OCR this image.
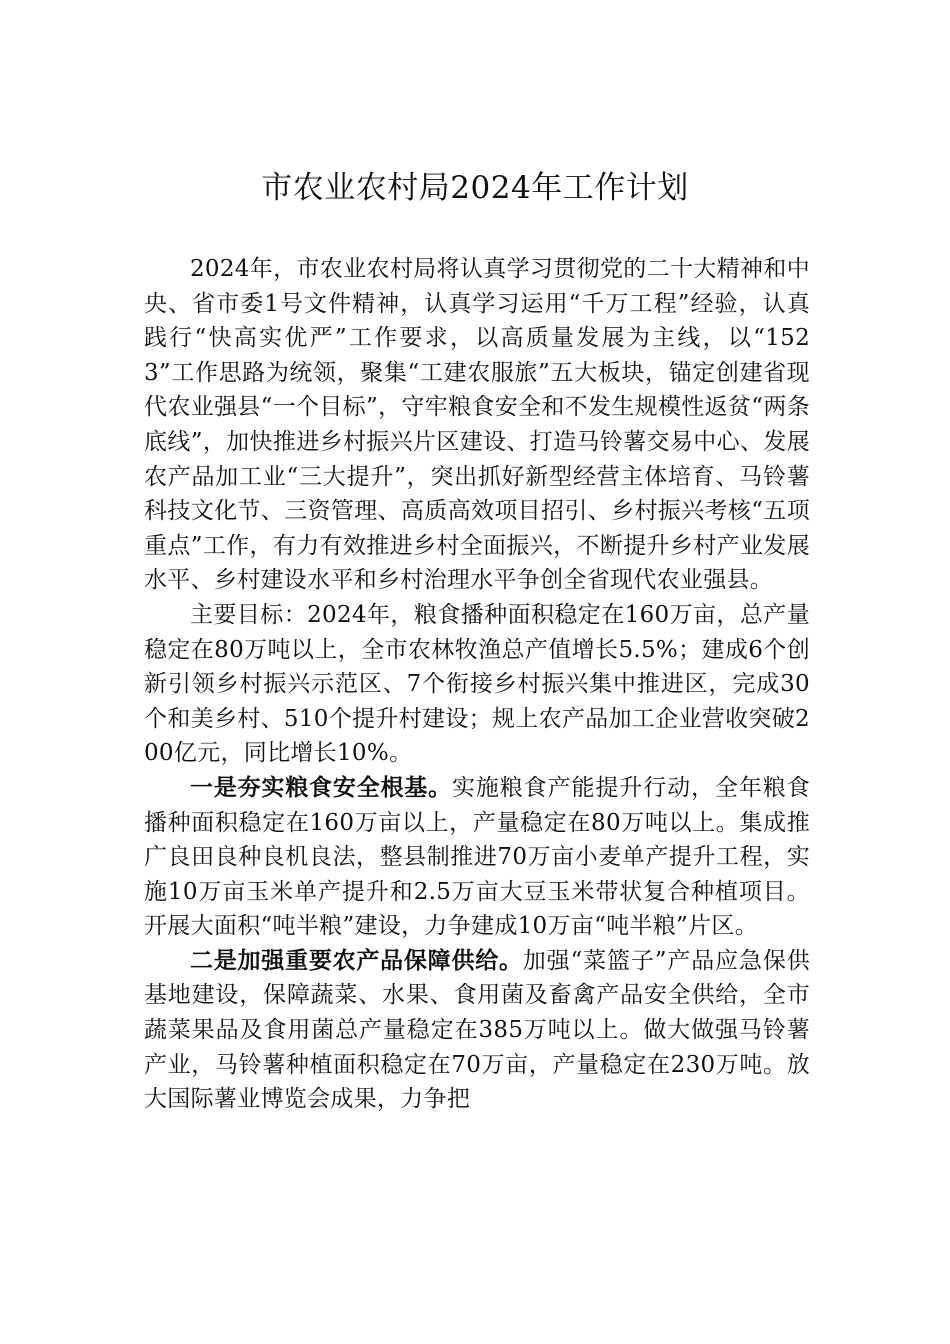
市农业农村局2024年工作计划

2024年，市农业农村局将认真学习贯彻党的二十大精神和中央、省市委1号文件精神，认真学习运用“千万工程”经验，认真践行“快高实优严”工作要求，以高质量发展为主线，以“1523”工作思路为统领，聚集“工建农服旅”五大板块，锚定创建省现代农业强县“一个目标”，守牢粮食安全和不发生规模性返贫“两条底线”，加快推进乡村振兴片区建设、打造马铃薯交易中心、发展农产品加工业“三大提升”，突出抓好新型经营主体培育、马铃薯科技文化节、三资管理、高质高效项目招引、乡村振兴考核“五项重点”工作，有力有效推进乡村全面振兴，不断提升乡村产业发展水平、乡村建设水平和乡村治理水平争创全省现代农业强县。

主要目标：2024年，粮食播种面积稳定在160万亩，总产量稳定在80万吨以上，全市农林牧渔总产值增长5.5%；建成6个创新引领乡村振兴示范区、7个衔接乡村振兴集中推进区，完成30个和美乡村、510个提升村建设；规上农产品加工企业营收突破200亿元，同比增长10%。

一是夯实粮食安全根基。实施粮食产能提升行动，全年粮食播种面积稳定在160万亩以上，产量稳定在80万吨以上。集成推广良田良种良机良法，整县制推进70万亩小麦单产提升工程，实施10万亩玉米单产提升和2.5万亩大豆玉米带状复合种植项目。开展大面积“吨半粮”建设，力争建成10万亩“吨半粮”片区。

二是加强重要农产品保障供给。加强“菜篮子”产品应急保供基地建设，保障蔬菜、水果、食用菌及畜禽产品安全供给，全市蔬菜果品及食用菌总产量稳定在385万吨以上。做大做强马铃薯产业，马铃薯种植面积稳定在70万亩，产量稳定在230万吨。放大国际薯业博览会成果，力争把
